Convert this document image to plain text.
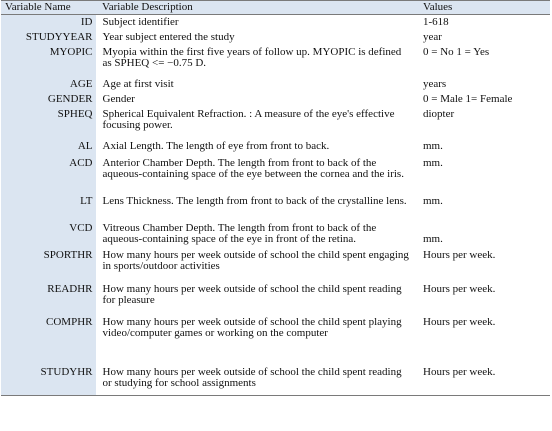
Variable Name	Variable Description	Values
ID	Subject identifier	1-618
STUDYYEAR	Year subject entered the study	year
MYOPIC	Myopia within the first five years of follow up. MYOPIC is defined as SPHEQ <= −0.75 D.	0 = No 1 = Yes
AGE	Age at first visit	years
GENDER	Gender	0 = Male 1= Female
SPHEQ	Spherical Equivalent Refraction. : A measure of the eye's effective focusing power.	diopter
AL	Axial Length. The length of eye from front to back.	mm.
ACD	Anterior Chamber Depth. The length from front to back of the aqueous-containing space of the eye between the cornea and the iris.	mm.
LT	Lens Thickness. The length from front to back of the crystalline lens.	mm.
VCD	Vitreous Chamber Depth. The length from front to back of the aqueous-containing space of the eye in front of the retina.	mm.
SPORTHR	How many hours per week outside of school the child spent engaging in sports/outdoor activities	Hours per week.
READHR	How many hours per week outside of school the child spent reading for pleasure	Hours per week.
COMPHR	How many hours per week outside of school the child spent playing video/computer games or working on the computer	Hours per week.
STUDYHR	How many hours per week outside of school the child spent reading or studying for school assignments	Hours per week.
